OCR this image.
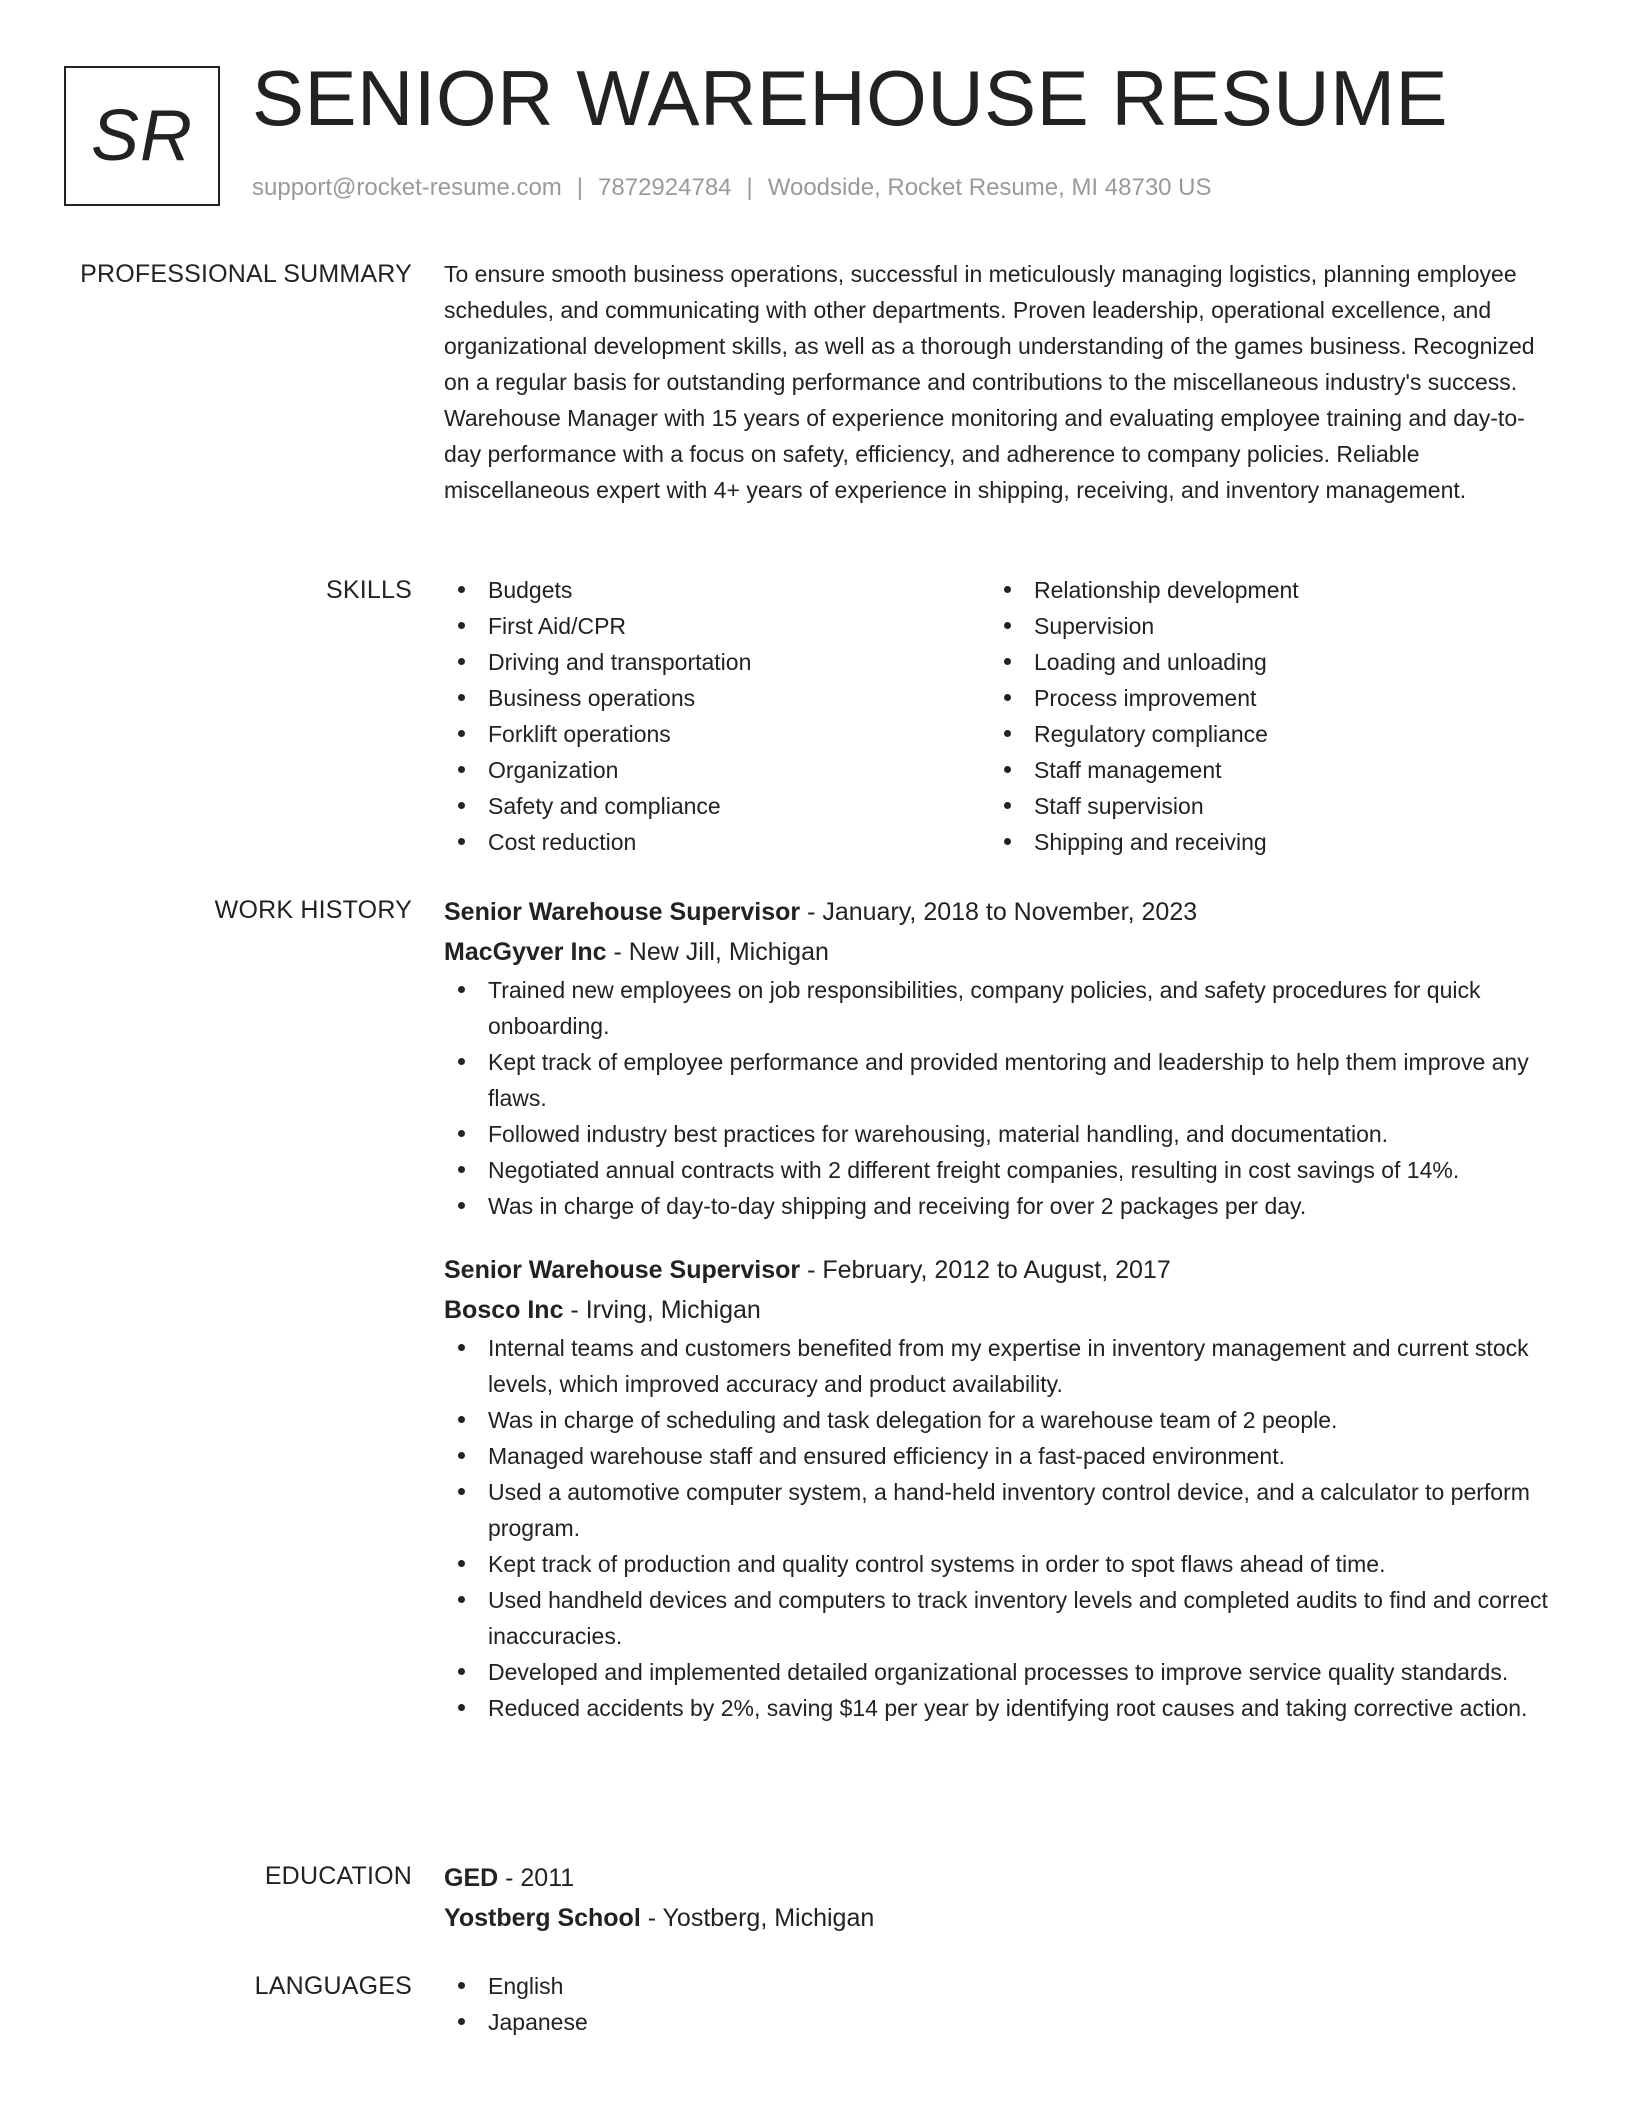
SR SENIOR WAREHOUSE RESUME
support@rocket-resume.com | 7872924784 | Woodside, Rocket Resume, MI 48730 US
PROFESSIONAL SUMMARY To ensure smooth business operations, successful in meticulously managing logistics, planning employee schedules, and communicating with other departments. Proven leadership, operational excellence, and organizational development skills, as well as a thorough understanding of the games business. Recognized on a regular basis for outstanding performance and contributions to the miscellaneous industry's success. Warehouse Manager with 15 years of experience monitoring and evaluating employee training and day-to-day performance with a focus on safety, efficiency, and adherence to company policies. Reliable miscellaneous expert with 4+ years of experience in shipping, receiving, and inventory management.

SKILLS	Budgets
First Aid/CPR
Driving and transportation
Business operations
Forklift operations
Organization
Safety and compliance
Cost reduction
Relationship development
Supervision
Loading and unloading
Process improvement
Regulatory compliance
Staff management
Staff supervision
Shipping and receiving
WORK HISTORY Senior Warehouse Supervisor - January, 2018 to November, 2023
MacGyver Inc - New Jill, Michigan
Trained new employees on job responsibilities, company policies, and safety procedures for quick onboarding.
Kept track of employee performance and provided mentoring and leadership to help them improve any flaws.
Followed industry best practices for warehousing, material handling, and documentation.
Negotiated annual contracts with 2 different freight companies, resulting in cost savings of 14%.
Was in charge of day-to-day shipping and receiving for over 2 packages per day.
Senior Warehouse Supervisor - February, 2012 to August, 2017
Bosco Inc - Irving, Michigan
Internal teams and customers benefited from my expertise in inventory management and current stock levels, which improved accuracy and product availability.
Was in charge of scheduling and task delegation for a warehouse team of 2 people.
Managed warehouse staff and ensured efficiency in a fast-paced environment.
Used a automotive computer system, a hand-held inventory control device, and a calculator to perform program.
Kept track of production and quality control systems in order to spot flaws ahead of time.
Used handheld devices and computers to track inventory levels and completed audits to find and correct inaccuracies.
Developed and implemented detailed organizational processes to improve service quality standards.
Reduced accidents by 2%, saving $14 per year by identifying root causes and taking corrective action.
EDUCATION GED - 2011
Yostberg School - Yostberg, Michigan
LANGUAGES	English
Japanese
